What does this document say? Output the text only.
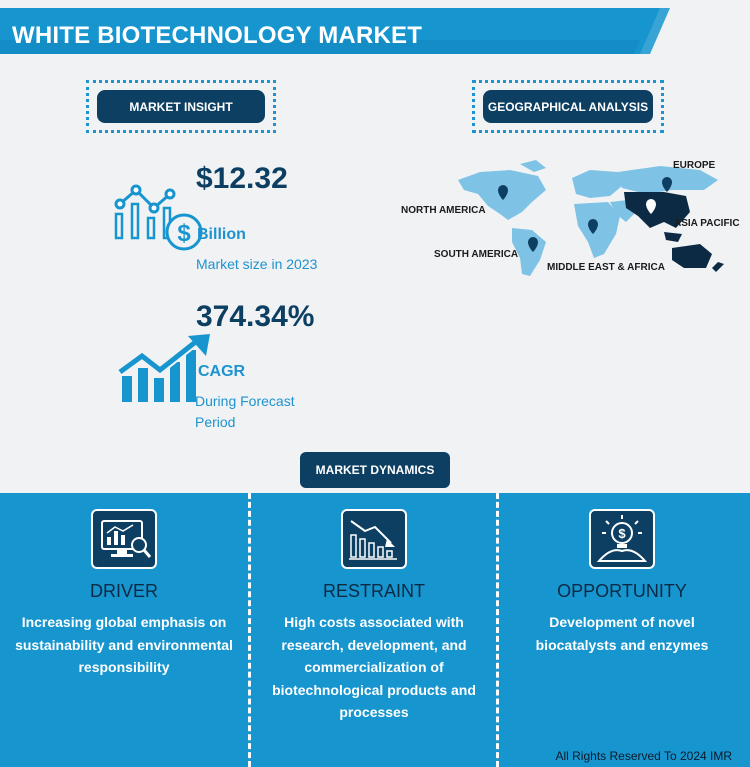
WHITE BIOTECHNOLOGY MARKET
MARKET INSIGHT	GEOGRAPHICAL ANALYSIS
$
$12.32
Billion
Market size in 2023
374.34%
CAGR
During Forecast
Period
NORTH AMERICA
SOUTH AMERICA
EUROPE
ASIA PACIFIC
MIDDLE EAST & AFRICA
MARKET DYNAMICS
DRIVER
Increasing global emphasis on sustainability and environmental responsibility
RESTRAINT
High costs associated with research, development, and commercialization of biotechnological products and processes
$
OPPORTUNITY
Development of novel biocatalysts and enzymes
All Rights Reserved To 2024 IMR
